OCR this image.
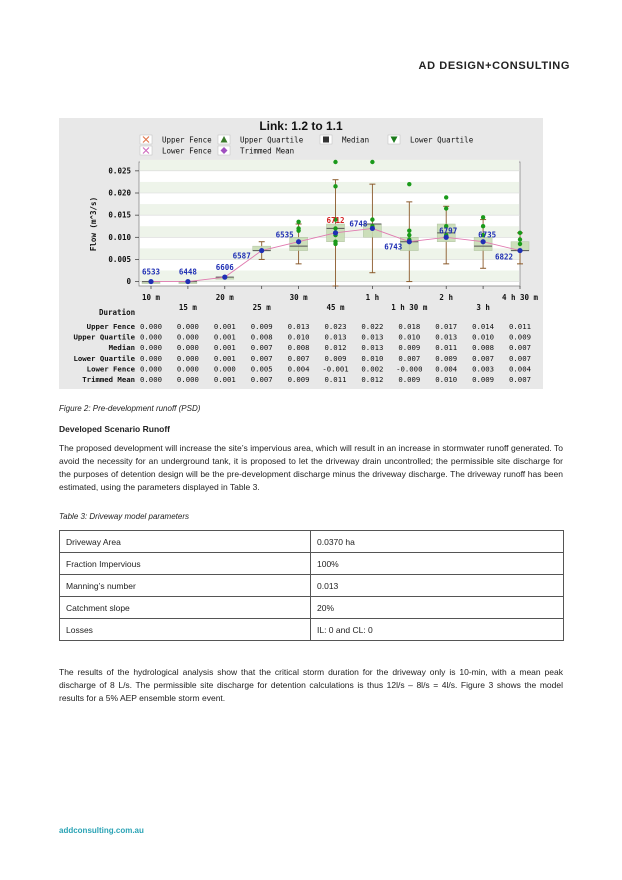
AD DESIGN+CONSULTING
Link: 1.2 to 1.1
Upper Fence	Upper Quartile	Median	Lower Quartile
Lower Fence	Trimmed Mean
0.025
0.020
0.015
0.010
0.005
0
Flow (m^3/s)
6533	6448	6606
6587
6535
6712 6748
6743
6797	6735
6822
10 m
15 m
20 m
25 m
30 m
45 m
1 h
1 h 30 m
2 h
3 h
4 h 30 m
Duration
Upper Fence 0.000 0.000 0.001 0.009 0.013 0.023 0.022 0.018 0.017 0.014 0.011
Upper Quartile 0.000 0.000 0.001 0.008 0.010 0.013 0.013 0.010 0.013 0.010 0.009
Median 0.000 0.000 0.001 0.007 0.008 0.012 0.013 0.009 0.011 0.008 0.007
Lower Quartile 0.000 0.000 0.001 0.007 0.007 0.009 0.010 0.007 0.009 0.007 0.007
Lower Fence 0.000 0.000 0.000 0.005 0.004 -0.001 0.002 -0.000 0.004 0.003 0.004
Trimmed Mean 0.000 0.000 0.001 0.007 0.009 0.011 0.012 0.009 0.010 0.009 0.007
Figure 2: Pre-development runoff (PSD)
Developed Scenario Runoff
The proposed development will increase the site’s impervious area, which will result in an increase in stormwater runoff generated. To avoid the necessity for an underground tank, it is proposed to let the driveway drain uncontrolled; the permissible site discharge for the purposes of detention design will be the pre-development discharge minus the driveway discharge. The driveway runoff has been estimated, using the parameters displayed in Table 3.
Table 3: Driveway model parameters
Driveway Area	0.0370 ha
Fraction Impervious	100%
Manning’s number	0.013
Catchment slope	20%
Losses	IL: 0 and CL: 0
The results of the hydrological analysis show that the critical storm duration for the driveway only is 10-min, with a mean peak discharge of 8 L/s. The permissible site discharge for detention calculations is thus 12l/s – 8l/s = 4l/s. Figure 3 shows the model results for a 5% AEP ensemble storm event.
addconsulting.com.au
